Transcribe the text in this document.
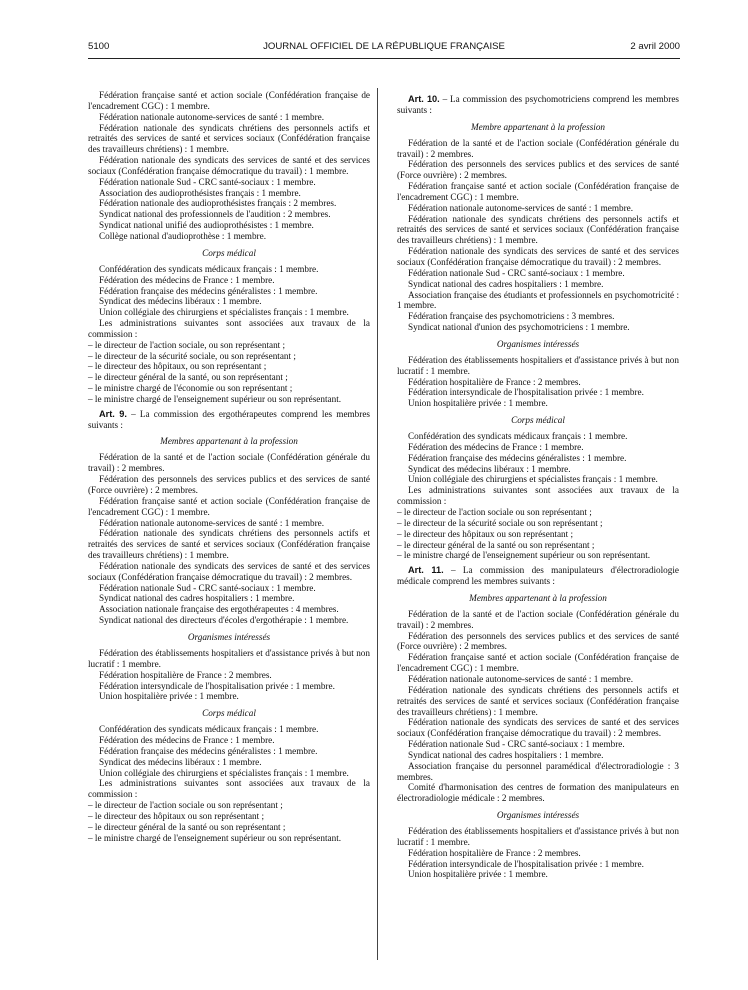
5100	JOURNAL OFFICIEL DE LA RÉPUBLIQUE FRANÇAISE	2 avril 2000

Fédération française santé et action sociale (Confédération française de l'encadrement CGC) : 1 membre.

Fédération nationale autonome-services de santé : 1 membre.

Fédération nationale des syndicats chrétiens des personnels actifs et retraités des services de santé et services sociaux (Confédération française des travailleurs chrétiens) : 1 membre.

Fédération nationale des syndicats des services de santé et des services sociaux (Confédération française démocratique du travail) : 1 membre.

Fédération nationale Sud - CRC santé-sociaux : 1 membre.

Association des audioprothésistes français : 1 membre.

Fédération nationale des audioprothésistes français : 2 membres.

Syndicat national des professionnels de l'audition : 2 membres.

Syndicat national unifié des audioprothésistes : 1 membre.

Collège national d'audioprothèse : 1 membre.

Corps médical

Confédération des syndicats médicaux français : 1 membre.

Fédération des médecins de France : 1 membre.

Fédération française des médecins généralistes : 1 membre.

Syndicat des médecins libéraux : 1 membre.

Union collégiale des chirurgiens et spécialistes français : 1 membre.

Les administrations suivantes sont associées aux travaux de la commission :

– le directeur de l'action sociale, ou son représentant ;

– le directeur de la sécurité sociale, ou son représentant ;

– le directeur des hôpitaux, ou son représentant ;

– le directeur général de la santé, ou son représentant ;

– le ministre chargé de l'économie ou son représentant ;

– le ministre chargé de l'enseignement supérieur ou son représentant.

Art. 9. – La commission des ergothérapeutes comprend les membres suivants :

Membres appartenant à la profession

Fédération de la santé et de l'action sociale (Confédération générale du travail) : 2 membres.

Fédération des personnels des services publics et des services de santé (Force ouvrière) : 2 membres.

Fédération française santé et action sociale (Confédération française de l'encadrement CGC) : 1 membre.

Fédération nationale autonome-services de santé : 1 membre.

Fédération nationale des syndicats chrétiens des personnels actifs et retraités des services de santé et services sociaux (Confédération française des travailleurs chrétiens) : 1 membre.

Fédération nationale des syndicats des services de santé et des services sociaux (Confédération française démocratique du travail) : 2 membres.

Fédération nationale Sud - CRC santé-sociaux : 1 membre.

Syndicat national des cadres hospitaliers : 1 membre.

Association nationale française des ergothérapeutes : 4 membres.

Syndicat national des directeurs d'écoles d'ergothérapie : 1 membre.

Organismes intéressés

Fédération des établissements hospitaliers et d'assistance privés à but non lucratif : 1 membre.

Fédération hospitalière de France : 2 membres.

Fédération intersyndicale de l'hospitalisation privée : 1 membre.

Union hospitalière privée : 1 membre.

Corps médical

Confédération des syndicats médicaux français : 1 membre.

Fédération des médecins de France : 1 membre.

Fédération française des médecins généralistes : 1 membre.

Syndicat des médecins libéraux : 1 membre.

Union collégiale des chirurgiens et spécialistes français : 1 membre.

Les administrations suivantes sont associées aux travaux de la commission :

– le directeur de l'action sociale ou son représentant ;

– le directeur des hôpitaux ou son représentant ;

– le directeur général de la santé ou son représentant ;

– le ministre chargé de l'enseignement supérieur ou son représentant.

Art. 10. – La commission des psychomotriciens comprend les membres suivants :

Membre appartenant à la profession

Fédération de la santé et de l'action sociale (Confédération générale du travail) : 2 membres.

Fédération des personnels des services publics et des services de santé (Force ouvrière) : 2 membres.

Fédération française santé et action sociale (Confédération française de l'encadrement CGC) : 1 membre.

Fédération nationale autonome-services de santé : 1 membre.

Fédération nationale des syndicats chrétiens des personnels actifs et retraités des services de santé et services sociaux (Confédération française des travailleurs chrétiens) : 1 membre.

Fédération nationale des syndicats des services de santé et des services sociaux (Confédération française démocratique du travail) : 2 membres.

Fédération nationale Sud - CRC santé-sociaux : 1 membre.

Syndicat national des cadres hospitaliers : 1 membre.

Association française des étudiants et professionnels en psychomotricité : 1 membre.

Fédération française des psychomotriciens : 3 membres.

Syndicat national d'union des psychomotriciens : 1 membre.

Organismes intéressés

Fédération des établissements hospitaliers et d'assistance privés à but non lucratif : 1 membre.

Fédération hospitalière de France : 2 membres.

Fédération intersyndicale de l'hospitalisation privée : 1 membre.

Union hospitalière privée : 1 membre.

Corps médical

Confédération des syndicats médicaux français : 1 membre.

Fédération des médecins de France : 1 membre.

Fédération française des médecins généralistes : 1 membre.

Syndicat des médecins libéraux : 1 membre.

Union collégiale des chirurgiens et spécialistes français : 1 membre.

Les administrations suivantes sont associées aux travaux de la commission :

– le directeur de l'action sociale ou son représentant ;

– le directeur de la sécurité sociale ou son représentant ;

– le directeur des hôpitaux ou son représentant ;

– le directeur général de la santé ou son représentant ;

– le ministre chargé de l'enseignement supérieur ou son représentant.

Art. 11. – La commission des manipulateurs d'électroradiologie médicale comprend les membres suivants :

Membres appartenant à la profession

Fédération de la santé et de l'action sociale (Confédération générale du travail) : 2 membres.

Fédération des personnels des services publics et des services de santé (Force ouvrière) : 2 membres.

Fédération française santé et action sociale (Confédération française de l'encadrement CGC) : 1 membre.

Fédération nationale autonome-services de santé : 1 membre.

Fédération nationale des syndicats chrétiens des personnels actifs et retraités des services de santé et services sociaux (Confédération française des travailleurs chrétiens) : 1 membre.

Fédération nationale des syndicats des services de santé et des services sociaux (Confédération française démocratique du travail) : 2 membres.

Fédération nationale Sud - CRC santé-sociaux : 1 membre.

Syndicat national des cadres hospitaliers : 1 membre.

Association française du personnel paramédical d'électroradiologie : 3 membres.

Comité d'harmonisation des centres de formation des manipulateurs en électroradiologie médicale : 2 membres.

Organismes intéressés

Fédération des établissements hospitaliers et d'assistance privés à but non lucratif : 1 membre.

Fédération hospitalière de France : 2 membres.

Fédération intersyndicale de l'hospitalisation privée : 1 membre.

Union hospitalière privée : 1 membre.
